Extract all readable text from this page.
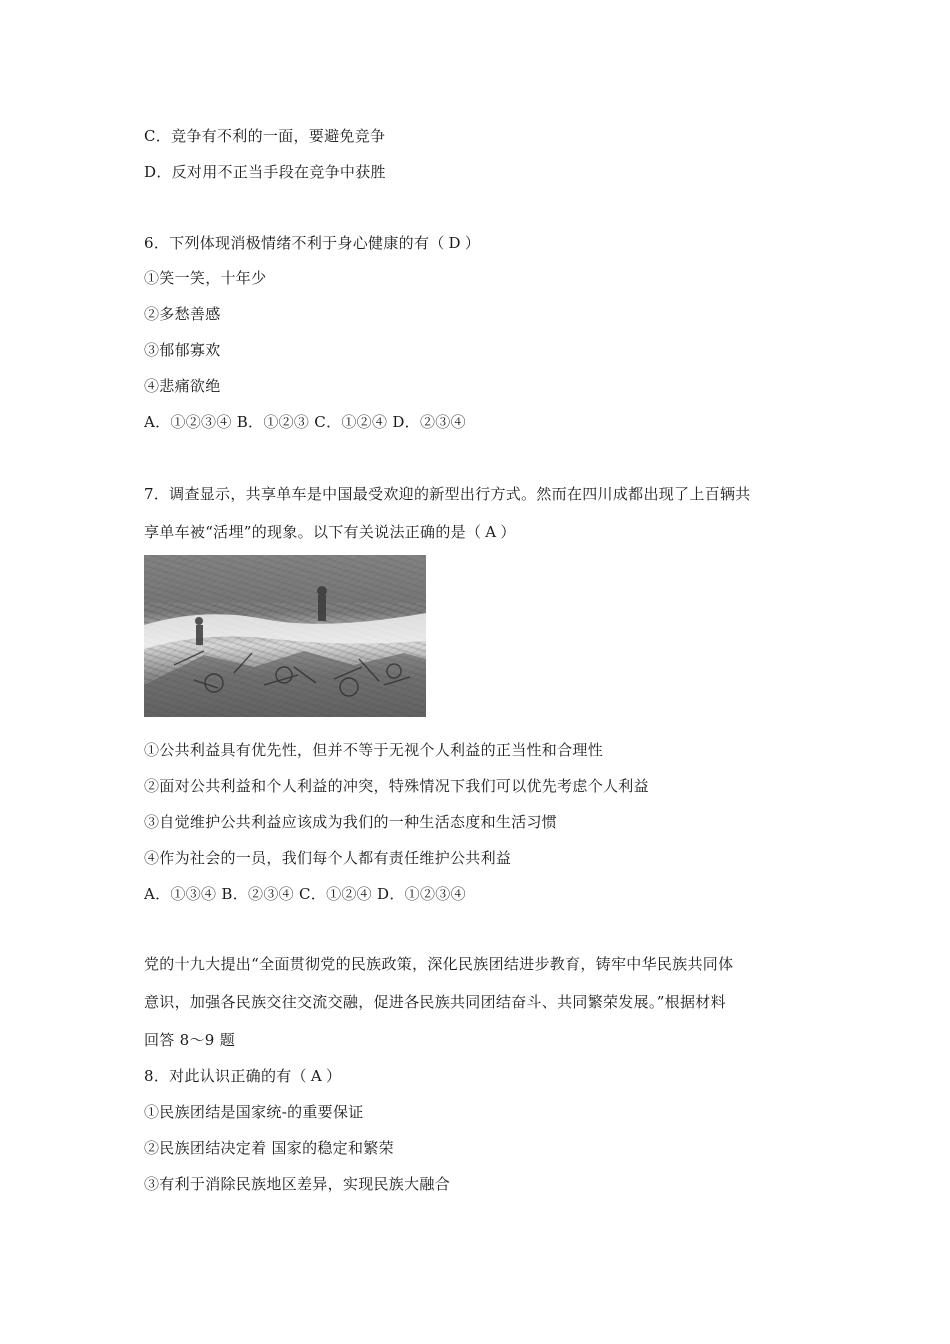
C．竞争有不利的一面，要避免竞争
D．反对用不正当手段在竞争中获胜
6．下列体现消极情绪不利于身心健康的有（ D ）
①笑一笑，十年少
②多愁善感
③郁郁寡欢
④悲痛欲绝
A．①②③④ B．①②③ C．①②④ D．②③④
7．调查显示，共享单车是中国最受欢迎的新型出行方式。然而在四川成都出现了上百辆共
享单车被“活埋”的现象。以下有关说法正确的是（ A ）
①公共利益具有优先性，但并不等于无视个人利益的正当性和合理性
②面对公共利益和个人利益的冲突，特殊情况下我们可以优先考虑个人利益
③自觉维护公共利益应该成为我们的一种生活态度和生活习惯
④作为社会的一员，我们每个人都有责任维护公共利益
A．①③④ B．②③④ C．①②④ D．①②③④
党的十九大提出“全面贯彻党的民族政策，深化民族团结进步教育，铸牢中华民族共同体
意识，加强各民族交往交流交融，促进各民族共同团结奋斗、共同繁荣发展。”根据材料
回答 8～9 题
8．对此认识正确的有（ A ）
①民族团结是国家统-的重要保证
②民族团结决定着 国家的稳定和繁荣
③有利于消除民族地区差异，实现民族大融合
